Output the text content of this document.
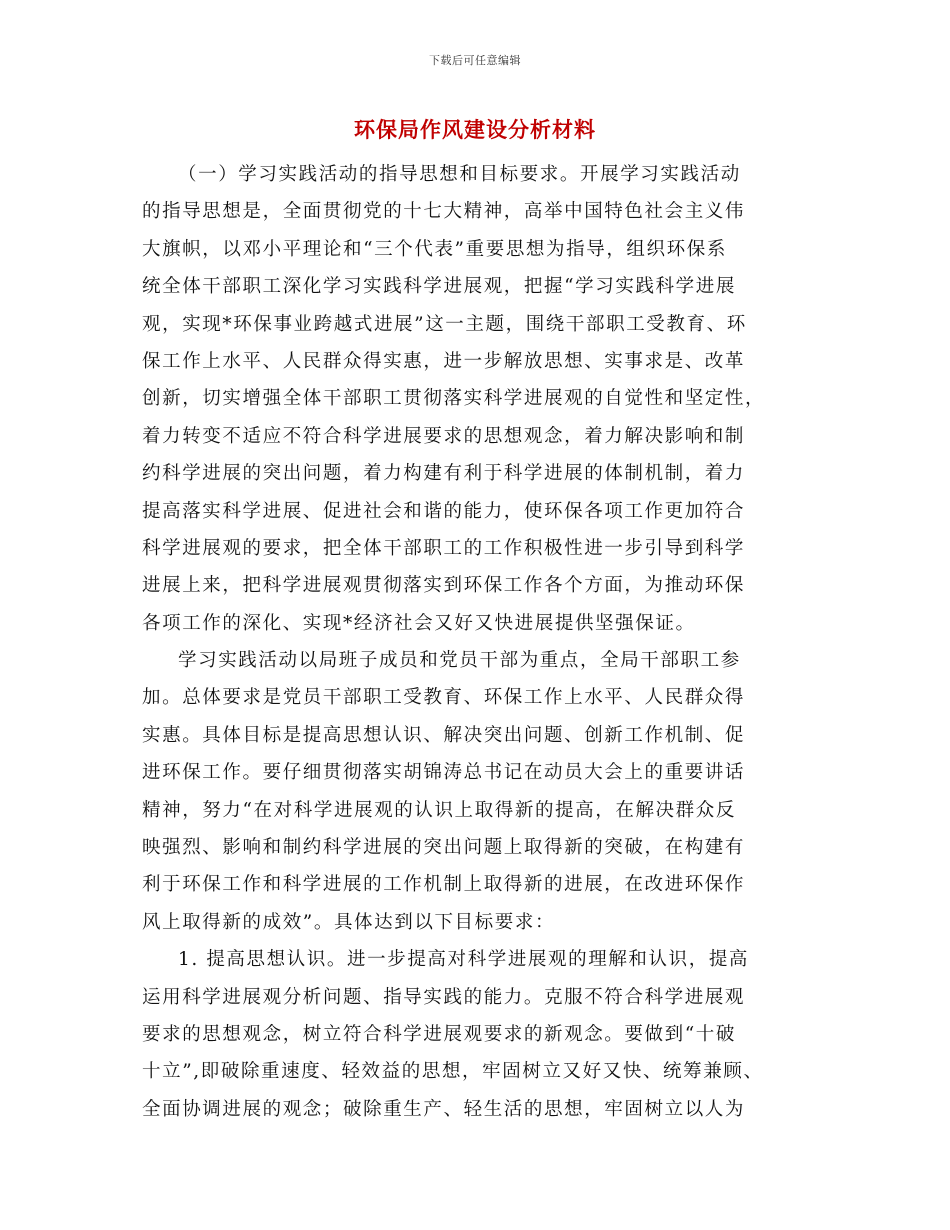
下载后可任意编辑
环保局作风建设分析材料
（一）学习实践活动的指导思想和目标要求。开展学习实践活动
的指导思想是，全面贯彻党的十七大精神，高举中国特色社会主义伟
大旗帜，以邓小平理论和“三个代表”重要思想为指导，组织环保系
统全体干部职工深化学习实践科学进展观，把握“学习实践科学进展
观，实现*环保事业跨越式进展”这一主题，围绕干部职工受教育、环
保工作上水平、人民群众得实惠，进一步解放思想、实事求是、改革
创新，切实增强全体干部职工贯彻落实科学进展观的自觉性和坚定性，
着力转变不适应不符合科学进展要求的思想观念，着力解决影响和制
约科学进展的突出问题，着力构建有利于科学进展的体制机制，着力
提高落实科学进展、促进社会和谐的能力，使环保各项工作更加符合
科学进展观的要求，把全体干部职工的工作积极性进一步引导到科学
进展上来，把科学进展观贯彻落实到环保工作各个方面，为推动环保
各项工作的深化、实现*经济社会又好又快进展提供坚强保证。
学习实践活动以局班子成员和党员干部为重点，全局干部职工参
加。总体要求是党员干部职工受教育、环保工作上水平、人民群众得
实惠。具体目标是提高思想认识、解决突出问题、创新工作机制、促
进环保工作。要仔细贯彻落实胡锦涛总书记在动员大会上的重要讲话
精神，努力“在对科学进展观的认识上取得新的提高，在解决群众反
映强烈、影响和制约科学进展的突出问题上取得新的突破，在构建有
利于环保工作和科学进展的工作机制上取得新的进展，在改进环保作
风上取得新的成效”。具体达到以下目标要求：
1. 提高思想认识。进一步提高对科学进展观的理解和认识，提高
运用科学进展观分析问题、指导实践的能力。克服不符合科学进展观
要求的思想观念，树立符合科学进展观要求的新观念。要做到“十破
十立”,即破除重速度、轻效益的思想，牢固树立又好又快、统筹兼顾、
全面协调进展的观念；破除重生产、轻生活的思想，牢固树立以人为
